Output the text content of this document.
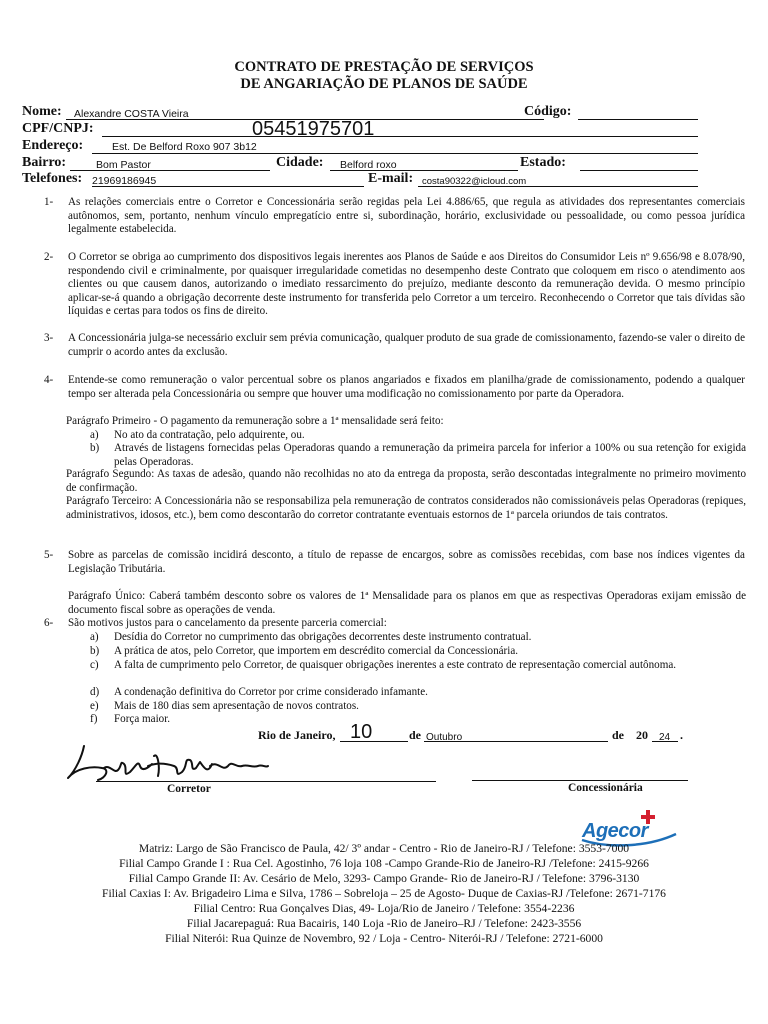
CONTRATO DE PRESTAÇÃO DE SERVIÇOS
DE ANGARIAÇÃO DE PLANOS DE SAÚDE
Nome: Alexandre COSTA Vieira	Código:
CPF/CNPJ:	05451975701
Endereço:	Est. De Belford Roxo 907 3b12
Bairro:	Bom Pastor	Cidade: Belford roxo	Estado:
Telefones: 21969186945	E-mail: costa90322@icloud.com
1- As relações comerciais entre o Corretor e Concessionária serão regidas pela Lei 4.886/65, que regula as atividades dos representantes comerciais autônomos, sem, portanto, nenhum vínculo empregatício entre si, subordinação, horário, exclusividade ou pessoalidade, ou como pessoa jurídica legalmente estabelecida.
2- O Corretor se obriga ao cumprimento dos dispositivos legais inerentes aos Planos de Saúde e aos Direitos do Consumidor Leis nº 9.656/98 e 8.078/90, respondendo civil e criminalmente, por quaisquer irregularidade cometidas no desempenho deste Contrato que coloquem em risco o atendimento aos clientes ou que causem danos, autorizando o imediato ressarcimento do prejuízo, mediante desconto da remuneração devida. O mesmo princípio aplicar-se-á quando a obrigação decorrente deste instrumento for transferida pelo Corretor a um terceiro. Reconhecendo o Corretor que tais dívidas são líquidas e certas para todos os fins de direito.
3- A Concessionária julga-se necessário excluir sem prévia comunicação, qualquer produto de sua grade de comissionamento, fazendo-se valer o direito de cumprir o acordo antes da exclusão.
4- Entende-se como remuneração o valor percentual sobre os planos angariados e fixados em planilha/grade de comissionamento, podendo a qualquer tempo ser alterada pela Concessionária ou sempre que houver uma modificação no comissionamento por parte da Operadora.
Parágrafo Primeiro - O pagamento da remuneração sobre a 1ª mensalidade será feito:
a) No ato da contratação, pelo adquirente, ou.
b) Através de listagens fornecidas pelas Operadoras quando a remuneração da primeira parcela for inferior a 100% ou sua retenção for exigida pelas Operadoras.
Parágrafo Segundo: As taxas de adesão, quando não recolhidas no ato da entrega da proposta, serão descontadas integralmente no primeiro movimento de confirmação.
Parágrafo Terceiro: A Concessionária não se responsabiliza pela remuneração de contratos considerados não comissionáveis pelas Operadoras (repiques, administrativos, idosos, etc.), bem como descontarão do corretor contratante eventuais estornos de 1ª parcela oriundos de tais contratos.
5- Sobre as parcelas de comissão incidirá desconto, a título de repasse de encargos, sobre as comissões recebidas, com base nos índices vigentes da Legislação Tributária.
Parágrafo Único: Caberá também desconto sobre os valores de 1ª Mensalidade para os planos em que as respectivas Operadoras exijam emissão de documento fiscal sobre as operações de venda.
6- São motivos justos para o cancelamento da presente parceria comercial:
a) Desídia do Corretor no cumprimento das obrigações decorrentes deste instrumento contratual.
b) A prática de atos, pelo Corretor, que importem em descrédito comercial da Concessionária.
c) A falta de cumprimento pelo Corretor, de quaisquer obrigações inerentes a este contrato de representação comercial autônoma.
d) A condenação definitiva do Corretor por crime considerado infamante.
e) Mais de 180 dias sem apresentação de novos contratos.
f) Força maior.
Rio de Janeiro, 10	de Outubro	de 20 24 .
Corretor	Concessionária
Agecor
Matriz: Largo de São Francisco de Paula, 42/ 3º andar - Centro - Rio de Janeiro-RJ / Telefone: 3553-7000
Filial Campo Grande I : Rua Cel. Agostinho, 76 loja 108 -Campo Grande-Rio de Janeiro-RJ /Telefone: 2415-9266
Filial Campo Grande II: Av. Cesário de Melo, 3293- Campo Grande- Rio de Janeiro-RJ / Telefone: 3796-3130
Filial Caxias I: Av. Brigadeiro Lima e Silva, 1786 – Sobreloja – 25 de Agosto- Duque de Caxias-RJ /Telefone: 2671-7176
Filial Centro: Rua Gonçalves Dias, 49- Loja/Rio de Janeiro / Telefone: 3554-2236
Filial Jacarepaguá: Rua Bacairis, 140 Loja -Rio de Janeiro–RJ / Telefone: 2423-3556
Filial Niterói: Rua Quinze de Novembro, 92 / Loja - Centro- Niterói-RJ / Telefone: 2721-6000
